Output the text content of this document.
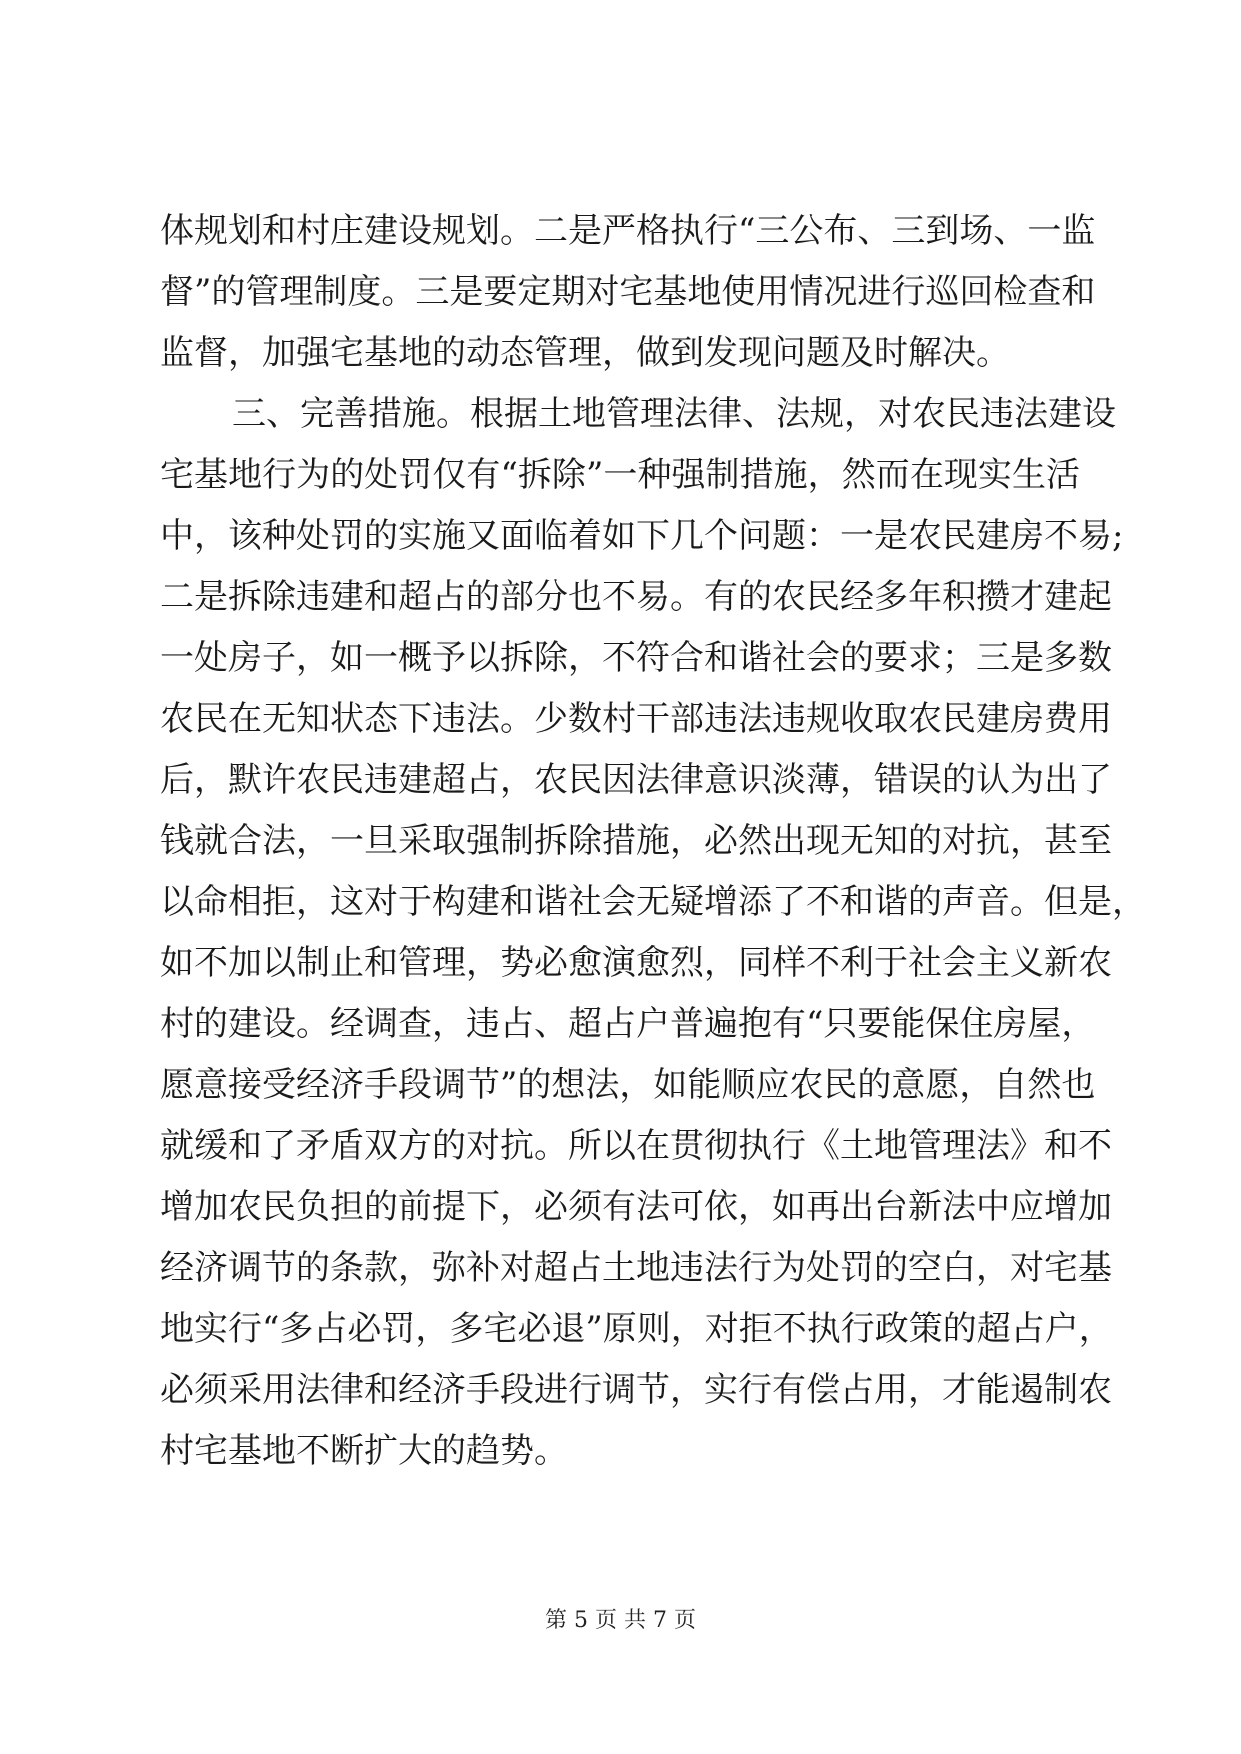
体规划和村庄建设规划。二是严格执行“三公布、三到场、一监
督”的管理制度。三是要定期对宅基地使用情况进行巡回检查和
监督，加强宅基地的动态管理，做到发现问题及时解决。
三、完善措施。根据土地管理法律、法规，对农民违法建设
宅基地行为的处罚仅有“拆除”一种强制措施，然而在现实生活
中，该种处罚的实施又面临着如下几个问题：一是农民建房不易;
二是拆除违建和超占的部分也不易。有的农民经多年积攒才建起
一处房子，如一概予以拆除，不符合和谐社会的要求；三是多数
农民在无知状态下违法。少数村干部违法违规收取农民建房费用
后，默许农民违建超占，农民因法律意识淡薄，错误的认为出了
钱就合法，一旦采取强制拆除措施，必然出现无知的对抗，甚至
以命相拒，这对于构建和谐社会无疑增添了不和谐的声音。但是，
如不加以制止和管理，势必愈演愈烈，同样不利于社会主义新农
村的建设。经调查，违占、超占户普遍抱有“只要能保住房屋，
愿意接受经济手段调节”的想法，如能顺应农民的意愿，自然也
就缓和了矛盾双方的对抗。所以在贯彻执行《土地管理法》和不
增加农民负担的前提下，必须有法可依，如再出台新法中应增加
经济调节的条款，弥补对超占土地违法行为处罚的空白，对宅基
地实行“多占必罚，多宅必退”原则，对拒不执行政策的超占户，
必须采用法律和经济手段进行调节，实行有偿占用，才能遏制农
村宅基地不断扩大的趋势。
第 5 页 共 7 页
